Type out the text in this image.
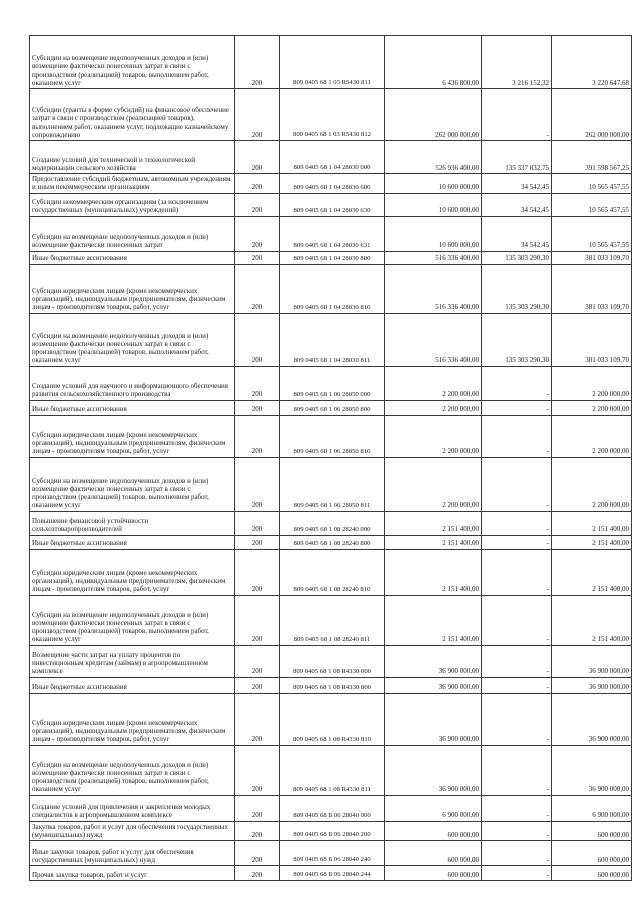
Субсидии на возмещение недополученных доходов и (или) возмещение фактически понесенных затрат в связи с производством (реализацией) товаров, выполнением работ, оказанием услуг	200	809 0405 68 1 03 R5430 811	6 436 800,00	3 216 152,32	3 220 647,68
Субсидии (гранты в форме субсидий) на финансовое обеспечение затрат в связи с производством (реализацией товаров), выполнением работ, оказанием услуг, подлежащие казначейскому сопровождению	200	809 0405 68 1 03 R5430 812	262 000 000,00	-	262 000 000,00
Создание условий для технической и технологической модернизации сельского хозяйства	200	809 0405 68 1 04 28030 000	526 936 400,00	135 337 832,75	391 598 567,25
Предоставление субсидий бюджетным, автономным учреждениям и иным некоммерческим организациям	200	809 0405 68 1 04 28030 600	10 600 000,00	34 542,45	10 565 457,55
Субсидии некоммерческим организациям (за исключением государственных (муниципальных) учреждений)	200	809 0405 68 1 04 28030 630	10 600 000,00	34 542,45	10 565 457,55
Субсидии на возмещение недополученных доходов и (или) возмещение фактически понесенных затрат	200	809 0405 68 1 04 28030 631	10 600 000,00	34 542,45	10 565 457,55
Иные бюджетные ассигнования	200	809 0405 68 1 04 28030 800	516 336 400,00	135 303 290,30	381 033 109,70
Субсидии юридическим лицам (кроме некоммерческих организаций), индивидуальным предпринимателям, физическим лицам - производителям товаров, работ, услуг	200	809 0405 68 1 04 28030 810	516 336 400,00	135 303 290,30	381 033 109,70
Субсидии на возмещение недополученных доходов и (или) возмещение фактически понесенных затрат в связи с производством (реализацией) товаров, выполнением работ, оказанием услуг	200	809 0405 68 1 04 28030 811	516 336 400,00	135 303 290,30	381 033 109,70
Создание условий для научного и информационного обеспечения развития сельскохозяйственного производства	200	809 0405 68 1 06 28050 000	2 200 000,00	-	2 200 000,00
Иные бюджетные ассигнования	200	809 0405 68 1 06 28050 800	2 200 000,00	-	2 200 000,00
Субсидии юридическим лицам (кроме некоммерческих организаций), индивидуальным предпринимателям, физическим лицам - производителям товаров, работ, услуг	200	809 0405 68 1 06 28050 810	2 200 000,00	-	2 200 000,00
Субсидии на возмещение недополученных доходов и (или) возмещение фактически понесенных затрат в связи с производством (реализацией) товаров, выполнением работ, оказанием услуг	200	809 0405 68 1 06 28050 811	2 200 000,00	-	2 200 000,00
Повышение финансовой устойчивости сельхозтоваропроизводителей	200	809 0405 68 1 08 28240 000	2 151 400,00	-	2 151 400,00
Иные бюджетные ассигнования	200	809 0405 68 1 08 28240 800	2 151 400,00	-	2 151 400,00
Субсидии юридическим лицам (кроме некоммерческих организаций), индивидуальным предпринимателям, физическим лицам - производителям товаров, работ, услуг	200	809 0405 68 1 08 28240 810	2 151 400,00	-	2 151 400,00
Субсидии на возмещение недополученных доходов и (или) возмещение фактически понесенных затрат в связи с производством (реализацией) товаров, выполнением работ, оказанием услуг	200	809 0405 68 1 08 28240 811	2 151 400,00	-	2 151 400,00
Возмещение части затрат на уплату процентов по инвестиционным кредитам (займам) в агропромышленном комплексе	200	809 0405 68 1 08 R4330 000	36 900 000,00	-	36 900 000,00
Иные бюджетные ассигнования	200	809 0405 68 1 08 R4330 800	36 900 000,00	-	36 900 000,00
Субсидии юридическим лицам (кроме некоммерческих организаций), индивидуальным предпринимателям, физическим лицам - производителям товаров, работ, услуг	200	809 0405 68 1 08 R4330 810	36 900 000,00	-	36 900 000,00
Субсидии на возмещение недополученных доходов и (или) возмещение фактически понесенных затрат в связи с производством (реализацией) товаров, выполнением работ, оказанием услуг	200	809 0405 68 1 08 R4330 811	36 900 000,00	-	36 900 000,00
Создание условий для привлечения и закрепления молодых специалистов в агропромышленном комплексе	200	809 0405 68 Б 06 28040 000	6 900 000,00	-	6 900 000,00
Закупка товаров, работ и услуг для обеспечения государственных (муниципальных) нужд	200	809 0405 68 Б 06 28040 200	600 000,00	-	600 000,00
Иные закупки товаров, работ и услуг для обеспечения государственных (муниципальных) нужд	200	809 0405 68 Б 06 28040 240	600 000,00	-	600 000,00
Прочая закупка товаров, работ и услуг	200	809 0405 68 Б 06 28040 244	600 000,00	-	600 000,00
